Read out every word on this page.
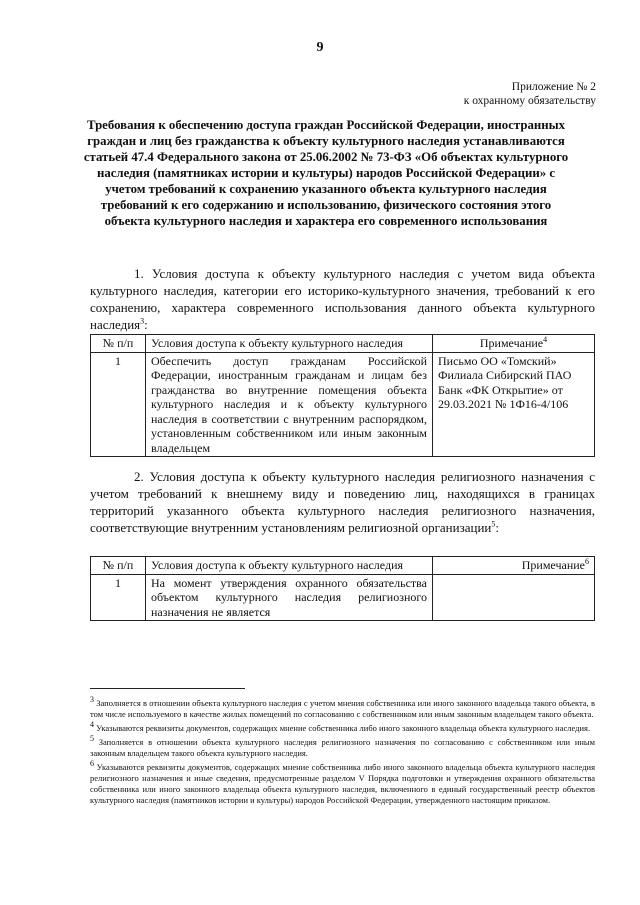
9
Приложение № 2
к охранному обязательству
Требования к обеспечению доступа граждан Российской Федерации, иностранных граждан и лиц без гражданства к объекту культурного наследия устанавливаются статьей 47.4 Федерального закона от 25.06.2002 № 73-ФЗ «Об объектах культурного наследия (памятниках истории и культуры) народов Российской Федерации» с учетом требований к сохранению указанного объекта культурного наследия требований к его содержанию и использованию, физического состояния этого объекта культурного наследия и характера его современного использования
1. Условия доступа к объекту культурного наследия с учетом вида объекта культурного наследия, категории его историко-культурного значения, требований к его сохранению, характера современного использования данного объекта культурного наследия$^3$:
№ п/п	Условия доступа к объекту культурного наследия	Примечание$^4$
1	Обеспечить доступ гражданам Российской Федерации, иностранным гражданам и лицам без гражданства во внутренние помещения объекта культурного наследия и к объекту культурного наследия в соответствии с внутренним распорядком, установленным собственником или иным законным владельцем	Письмо ОО «Томский» Филиала Сибирский ПАО Банк «ФК Открытие» от 29.03.2021 № 1Ф16-4/106
2. Условия доступа к объекту культурного наследия религиозного назначения с учетом требований к внешнему виду и поведению лиц, находящихся в границах территорий указанного объекта культурного наследия религиозного назначения, соответствующие внутренним установлениям религиозной организации$^5$:
№ п/п	Условия доступа к объекту культурного наследия	Примечание$^6$
1	На момент утверждения охранного обязательства объектом культурного наследия религиозного назначения не является	

$^3$ Заполняется в отношении объекта культурного наследия с учетом мнения собственника или иного законного владельца такого объекта, в том числе используемого в качестве жилых помещений по согласованию с собственником или иным законным владельцем такого объекта.

$^4$ Указываются реквизиты документов, содержащих мнение собственника либо иного законного владельца объекта культурного наследия.

$^5$ Заполняется в отношении объекта культурного наследия религиозного назначения по согласованию с собственником или иным законным владельцем такого объекта культурного наследия.

$^6$ Указываются реквизиты документов, содержащих мнение собственника либо иного законного владельца объекта культурного наследия религиозного назначения и иные сведения, предусмотренные разделом V Порядка подготовки и утверждения охранного обязательства собственника или иного законного владельца объекта культурного наследия, включенного в единый государственный реестр объектов культурного наследия (памятников истории и культуры) народов Российской Федерации, утвержденного настоящим приказом.
